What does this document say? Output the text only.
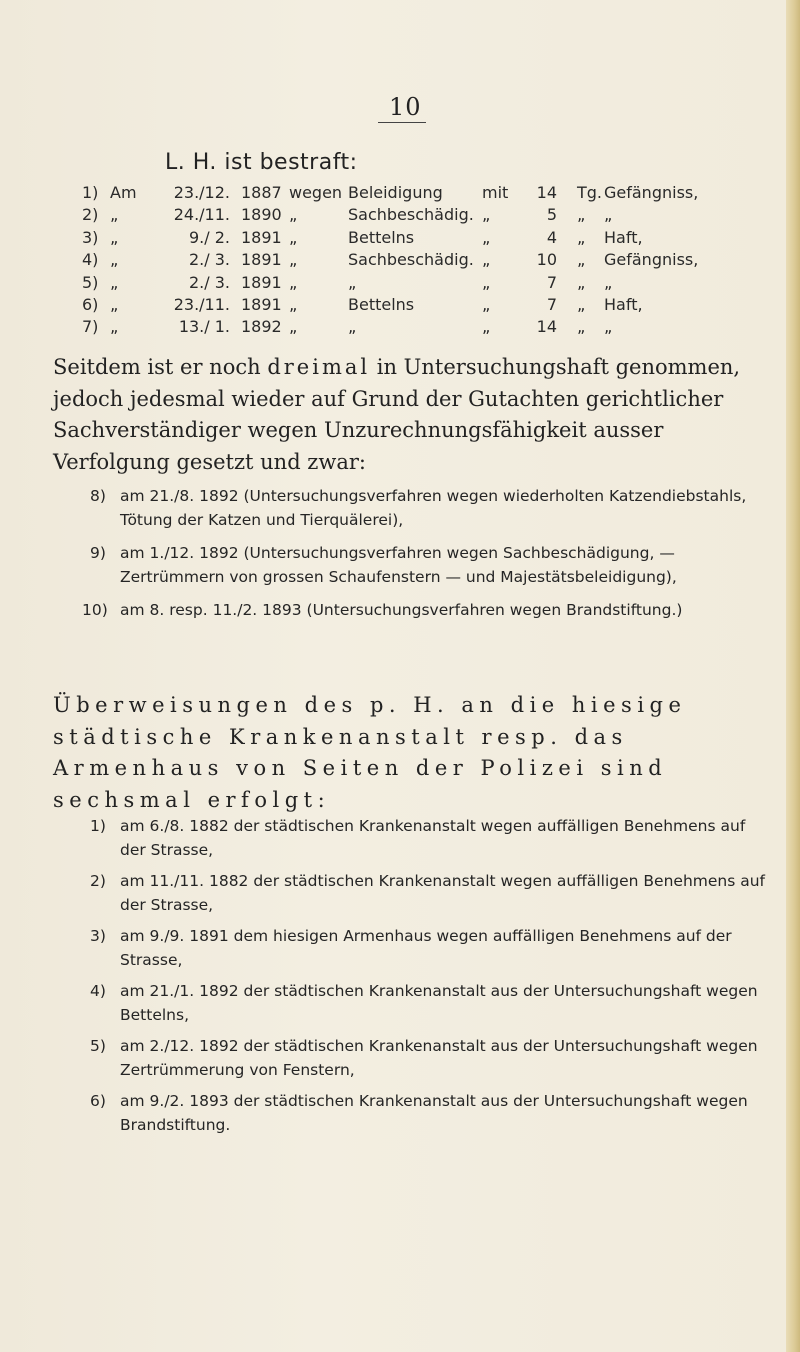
10
L. H. ist bestraft:
1) Am	23./12. 1887 wegen Beleidigung mit	14 Tg. Gefängniss,
2) „	24./11. 1890 „	Sachbeschädig. „	5 „ „
3) „	9./ 2. 1891 „	Bettelns	„	4 „ Haft,
4) „	2./ 3. 1891 „	Sachbeschädig. „	10 „ Gefängniss,
5) „	2./ 3. 1891 „	„	„	7 „ „
6) „	23./11. 1891 „	Bettelns	„	7 „ Haft,
7) „	13./ 1. 1892 „	„	„	14 „ „

Seitdem ist er noch dreimal in Untersuchungshaft genommen, jedoch jedesmal wieder auf Grund der Gutachten gerichtlicher Sachverständiger wegen Unzurechnungsfähigkeit ausser Verfolgung gesetzt und zwar:

8) am 21./8. 1892 (Untersuchungsverfahren wegen wiederholten Katzendiebstahls, Tötung der Katzen und Tierquälerei),
9) am 1./12. 1892 (Untersuchungsverfahren wegen Sachbeschädigung, — Zertrümmern von grossen Schaufenstern — und Majestätsbeleidigung),
10) am 8. resp. 11./2. 1893 (Untersuchungsverfahren wegen Brandstiftung.)
Überweisungen des p. H. an die hiesige städtische Krankenanstalt resp. das Armenhaus von Seiten der Polizei sind sechsmal erfolgt:
1) am 6./8. 1882 der städtischen Krankenanstalt wegen auffälligen Benehmens auf der Strasse,
2) am 11./11. 1882 der städtischen Krankenanstalt wegen auffälligen Benehmens auf der Strasse,
3) am 9./9. 1891 dem hiesigen Armenhaus wegen auffälligen Benehmens auf der Strasse,
4) am 21./1. 1892 der städtischen Krankenanstalt aus der Untersuchungshaft wegen Bettelns,
5) am 2./12. 1892 der städtischen Krankenanstalt aus der Untersuchungshaft wegen Zertrümmerung von Fenstern,
6) am 9./2. 1893 der städtischen Krankenanstalt aus der Untersuchungshaft wegen Brandstiftung.
